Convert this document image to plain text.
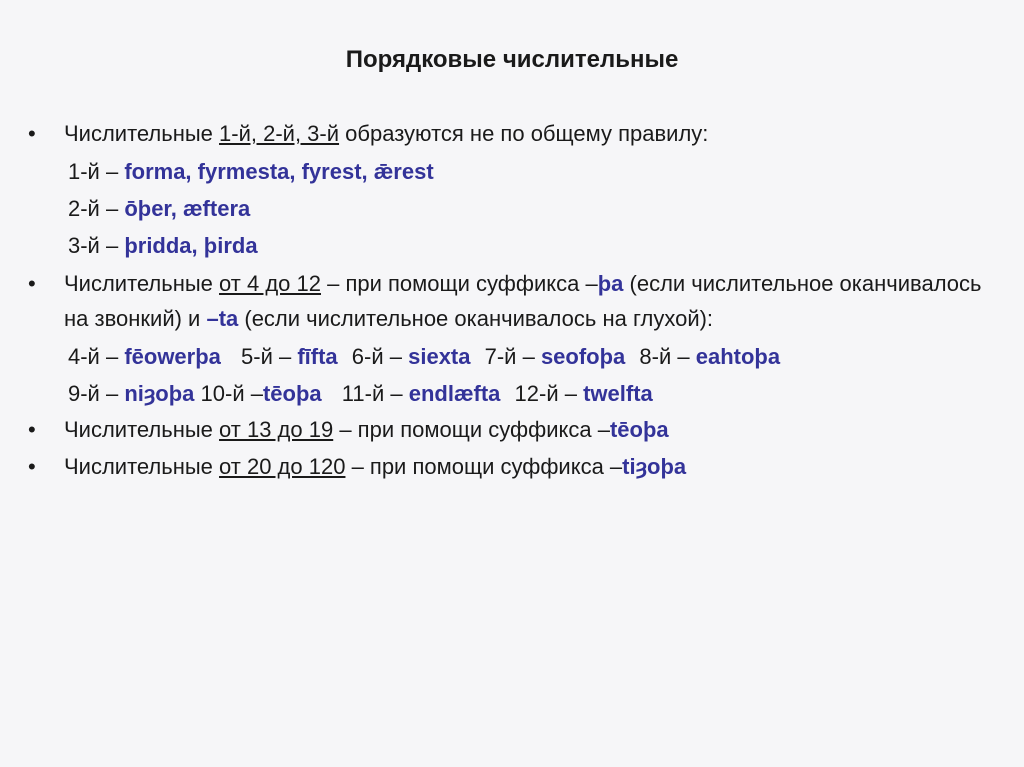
Порядковые числительные
• Числительные 1-й, 2-й, 3-й образуются не по общему правилу:
1-й – forma, fyrmesta, fyrest, ǣrest
2-й – ōþer, æftera
3-й – þridda, þirda
• Числительные от 4 до 12 – при помощи суффикса –þa (если числительное оканчивалось на звонкий) и –ta (если числительное оканчивалось на глухой):
4-й – fēowerþa 5-й – fīfta 6-й – siexta 7-й – seofoþa 8-й – eahtoþa
9-й – niȝoþa 10-й –tēoþa 11-й – endlæfta 12-й – twelfta
• Числительные от 13 до 19 – при помощи суффикса –tēoþa
• Числительные от 20 до 120 – при помощи суффикса –tiȝoþa
